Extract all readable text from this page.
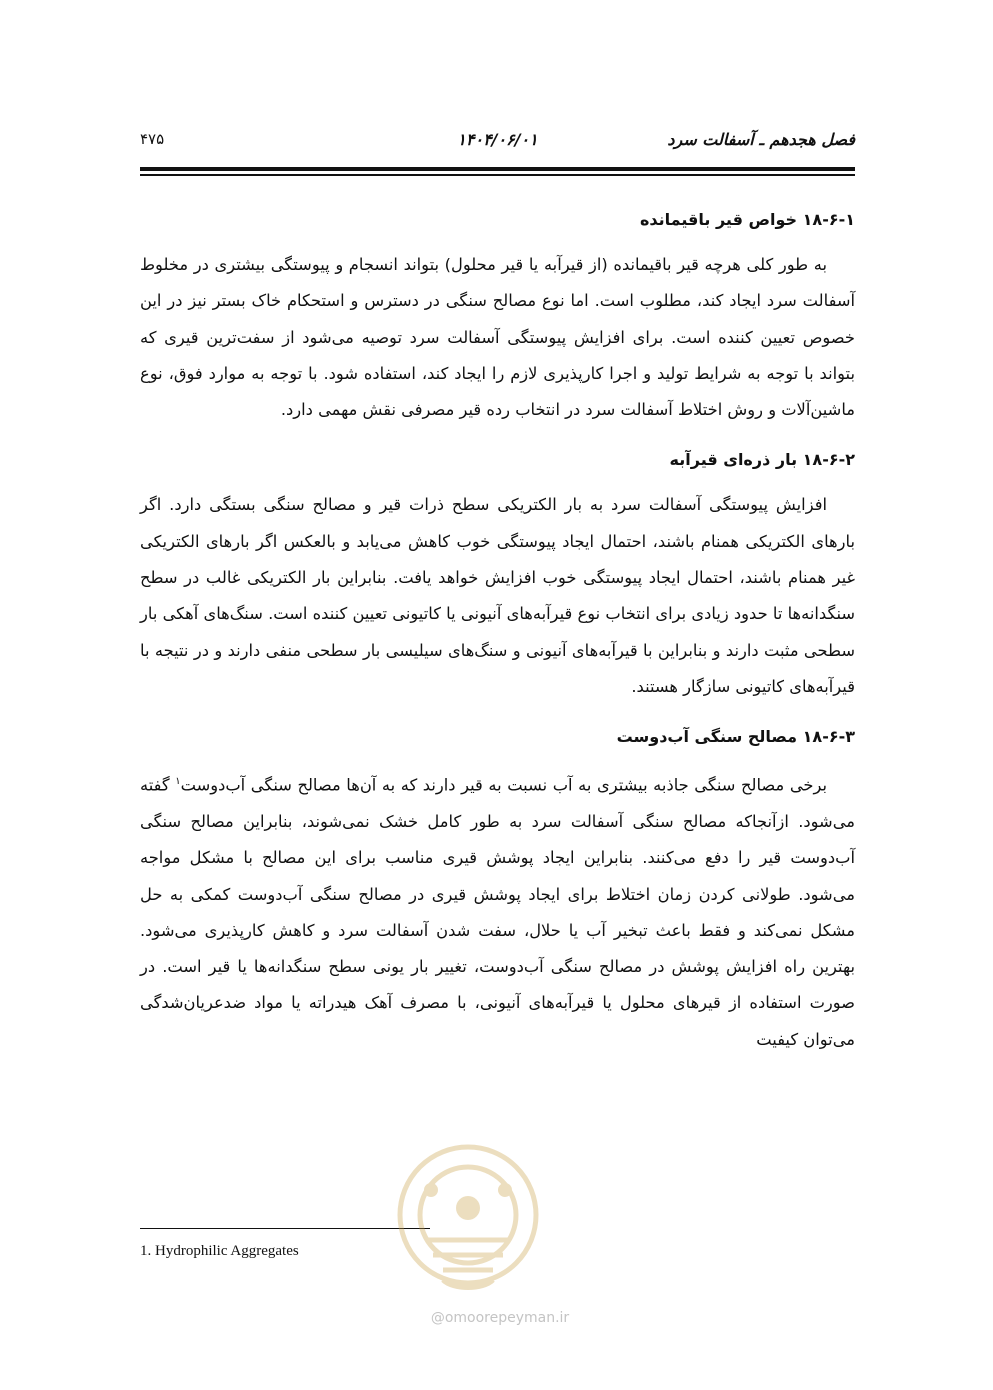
فصل هجدهم ـ آسفالت سرد
۱۴۰۴/۰۶/۰۱
۴۷۵
۱۸-۶-۱ خواص قیر باقیمانده

به طور کلی هرچه قیر باقیمانده (از قیرآبه یا قیر محلول) بتواند انسجام و پیوستگی بیشتری در مخلوط آسفالت سرد ایجاد کند، مطلوب است. اما نوع مصالح سنگی در دسترس و استحکام خاک بستر نیز در این خصوص تعیین کننده است. برای افزایش پیوستگی آسفالت سرد توصیه می‌شود از سفت‌ترین قیری که بتواند با توجه به شرایط تولید و اجرا کارپذیری لازم را ایجاد کند، استفاده شود. با توجه به موارد فوق، نوع ماشین‌آلات و روش اختلاط آسفالت سرد در انتخاب رده قیر مصرفی نقش مهمی دارد.

۱۸-۶-۲ بار ذره‌ای قیرآبه

افزایش پیوستگی آسفالت سرد به بار الکتریکی سطح ذرات قیر و مصالح سنگی بستگی دارد. اگر بارهای الکتریکی همنام باشند، احتمال ایجاد پیوستگی خوب کاهش می‌یابد و بالعکس اگر بارهای الکتریکی غیر همنام باشند، احتمال ایجاد پیوستگی خوب افزایش خواهد یافت. بنابراین بار الکتریکی غالب در سطح سنگدانه‌ها تا حدود زیادی برای انتخاب نوع قیرآبه‌های آنیونی یا کاتیونی تعیین کننده است. سنگ‌های آهکی بار سطحی مثبت دارند و بنابراین با قیرآبه‌های آنیونی و سنگ‌های سیلیسی بار سطحی منفی دارند و در نتیجه با قیرآبه‌های کاتیونی سازگار هستند.

۱۸-۶-۳ مصالح سنگی آب‌دوست

برخی مصالح سنگی جاذبه بیشتری به آب نسبت به قیر دارند که به آن‌ها مصالح سنگی آب‌دوست$^۱$ گفته می‌شود. ازآنجاکه مصالح سنگی آسفالت سرد به طور کامل خشک نمی‌شوند، بنابراین مصالح سنگی آب‌دوست قیر را دفع می‌کنند. بنابراین ایجاد پوشش قیری مناسب برای این مصالح با مشکل مواجه می‌شود. طولانی کردن زمان اختلاط برای ایجاد پوشش قیری در مصالح سنگی آب‌دوست کمکی به حل مشکل نمی‌کند و فقط باعث تبخیر آب یا حلال، سفت شدن آسفالت سرد و کاهش کارپذیری می‌شود. بهترین راه افزایش پوشش در مصالح سنگی آب‌دوست، تغییر بار یونی سطح سنگدانه‌ها یا قیر است. در صورت استفاده از قیرهای محلول یا قیرآبه‌های آنیونی، با مصرف آهک هیدراته یا مواد ضدعریان‌شدگی می‌توان کیفیت

1. Hydrophilic Aggregates
@omoorepeyman.ir
